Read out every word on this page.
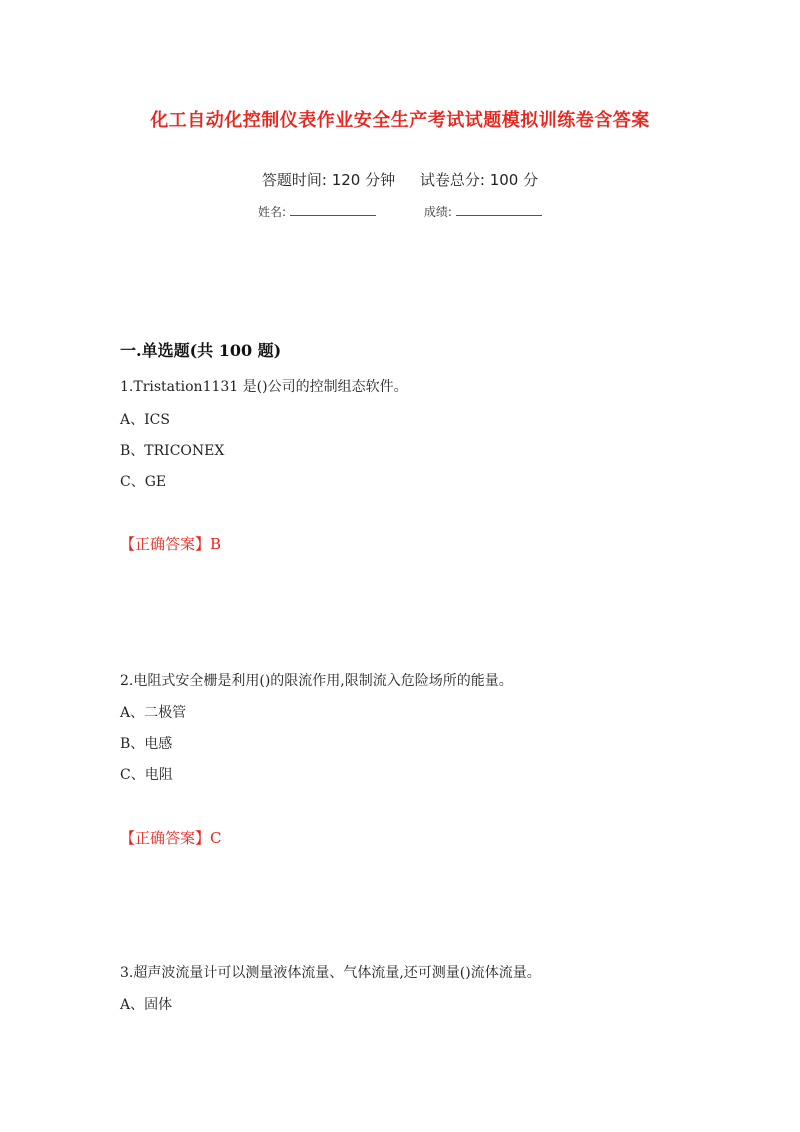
化工自动化控制仪表作业安全生产考试试题模拟训练卷含答案
答题时间: 120 分钟 试卷总分: 100 分
姓名:	成绩:
一.单选题(共 100 题)
1.Tristation1131 是()公司的控制组态软件。
A、ICS
B、TRICONEX
C、GE
【正确答案】B
2.电阻式安全栅是利用()的限流作用,限制流入危险场所的能量。
A、二极管
B、电感
C、电阻
【正确答案】C
3.超声波流量计可以测量液体流量、气体流量,还可测量()流体流量。
A、固体
